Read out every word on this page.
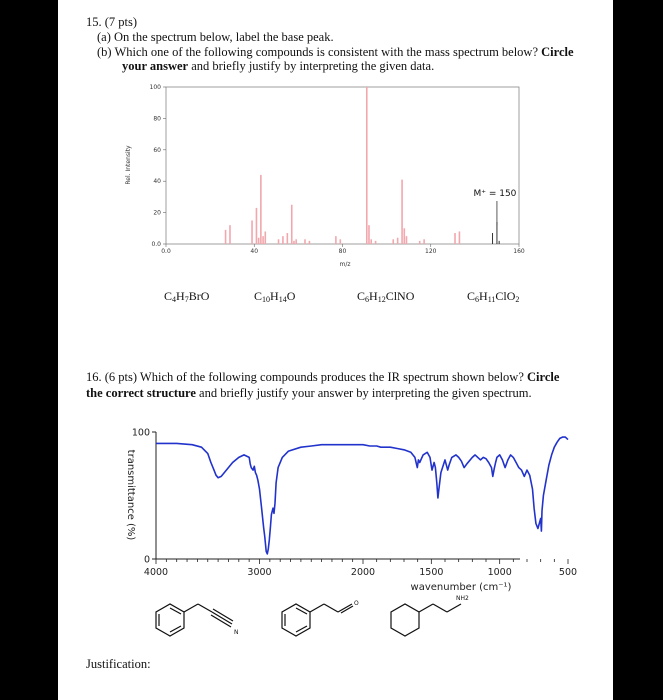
15. (7 pts)
(a) On the spectrum below, label the base peak.
(b) Which one of the following compounds is consistent with the mass spectrum below? Circle
your answer and briefly justify by interpreting the given data.
0.0
20
40
60
80
100
0.0	40	80	120	160
Rel. Intensity
m/z
M⁺ = 150
$C_4H_7BrO$	$C_{10}H_{14}O$	$C_6H_{12}ClNO$	$C_6H_{11}ClO_2$
16. (6 pts) Which of the following compounds produces the IR spectrum shown below? Circle
the correct structure and briefly justify your answer by interpreting the given spectrum.
0
100
4000	3000	2000	1500	1000	500
transmittance (%)
wavenumber (cm⁻¹)
N
O
NH2
Justification:
